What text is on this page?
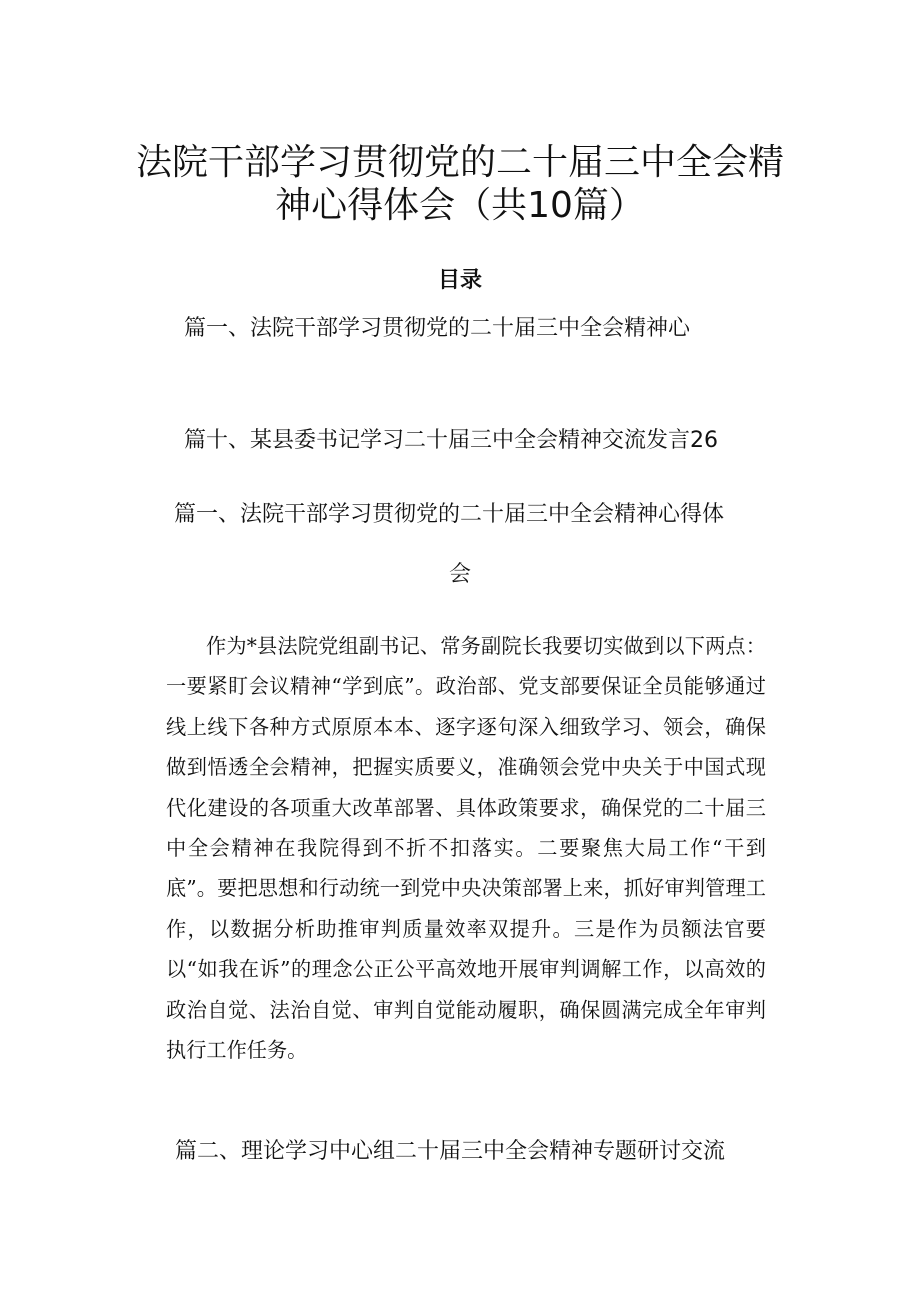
法院干部学习贯彻党的二十届三中全会精
神心得体会（共10篇）
目录
篇一、法院干部学习贯彻党的二十届三中全会精神心
篇十、某县委书记学习二十届三中全会精神交流发言26
篇一、法院干部学习贯彻党的二十届三中全会精神心得体
会

作为*县法院党组副书记、常务副院长我要切实做到以下两点：一要紧盯会议精神“学到底”。政治部、党支部要保证全员能够通过线上线下各种方式原原本本、逐字逐句深入细致学习、领会，确保做到悟透全会精神，把握实质要义，准确领会党中央关于中国式现代化建设的各项重大改革部署、具体政策要求，确保党的二十届三中全会精神在我院得到不折不扣落实。二要聚焦大局工作“干到底”。要把思想和行动统一到党中央决策部署上来，抓好审判管理工作，以数据分析助推审判质量效率双提升。三是作为员额法官要以“如我在诉”的理念公正公平高效地开展审判调解工作，以高效的政治自觉、法治自觉、审判自觉能动履职，确保圆满完成全年审判执行工作任务。

篇二、理论学习中心组二十届三中全会精神专题研讨交流
